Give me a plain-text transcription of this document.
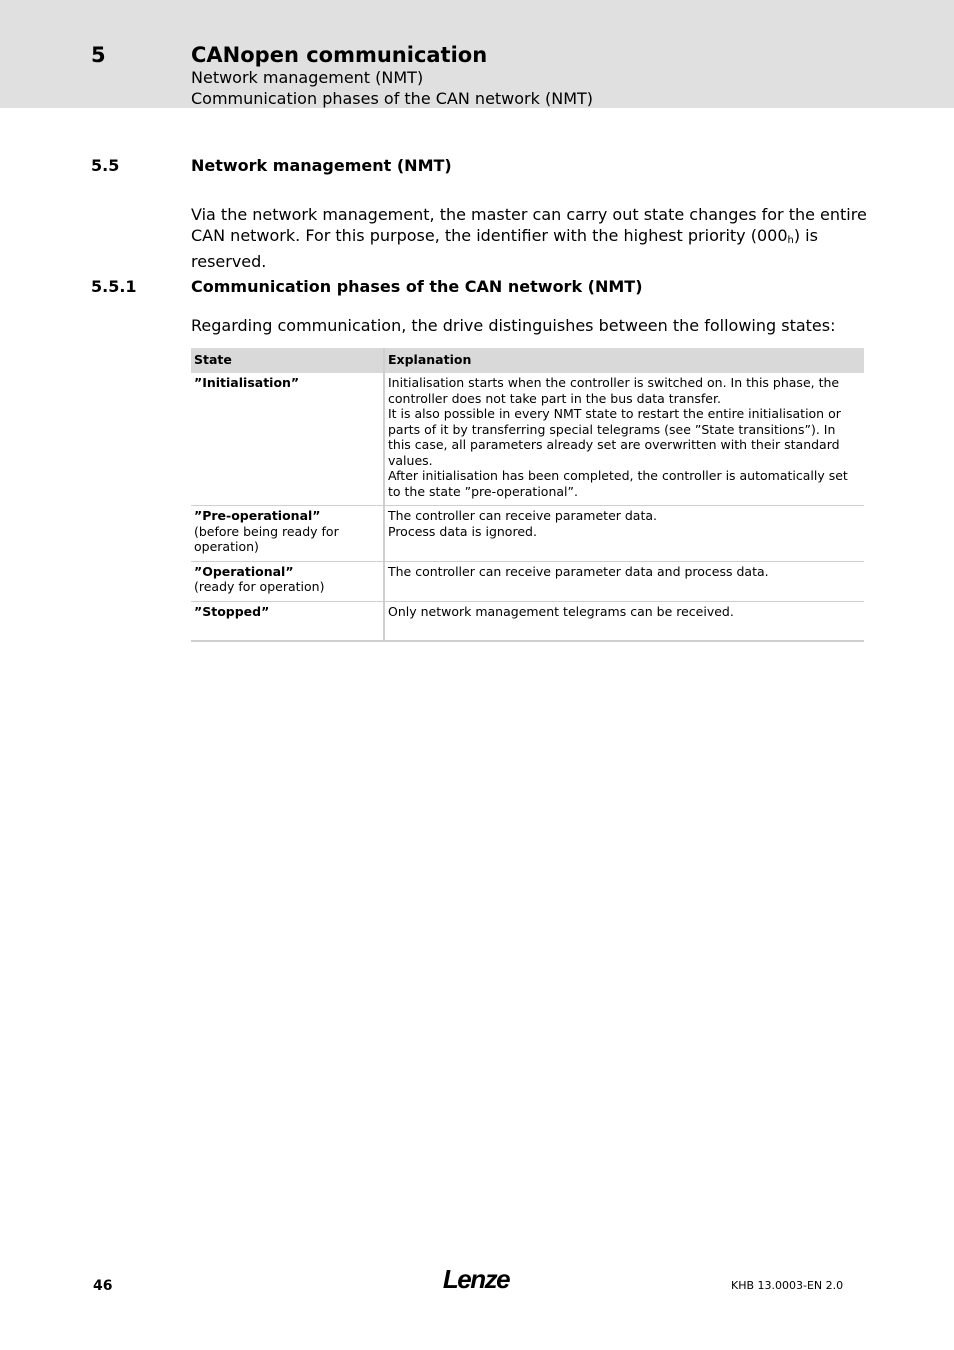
5	CANopen communication
Network management (NMT)
Communication phases of the CAN network (NMT)
5.5	Network management (NMT)
Via the network management, the master can carry out state changes for the entire CAN network. For this purpose, the identifier with the highest priority $(000_h)$ is reserved.
5.5.1	Communication phases of the CAN network (NMT)
Regarding communication, the drive distinguishes between the following states:
State	Explanation

”Initialisation”	Initialisation starts when the controller is switched on. In this phase, the controller does not take part in the bus data transfer.
It is also possible in every NMT state to restart the entire initialisation or parts of it by transferring special telegrams (see ”State transitions”). In this case, all parameters already set are overwritten with their standard values.
After initialisation has been completed, the controller is automatically set to the state ”pre-operational”.

”Pre-operational”
(before being ready for operation)	The controller can receive parameter data.
Process data is ignored.

”Operational”
(ready for operation)	The controller can receive parameter data and process data.

”Stopped”	Only network management telegrams can be received.
46	Lenze	KHB 13.0003-EN 2.0
